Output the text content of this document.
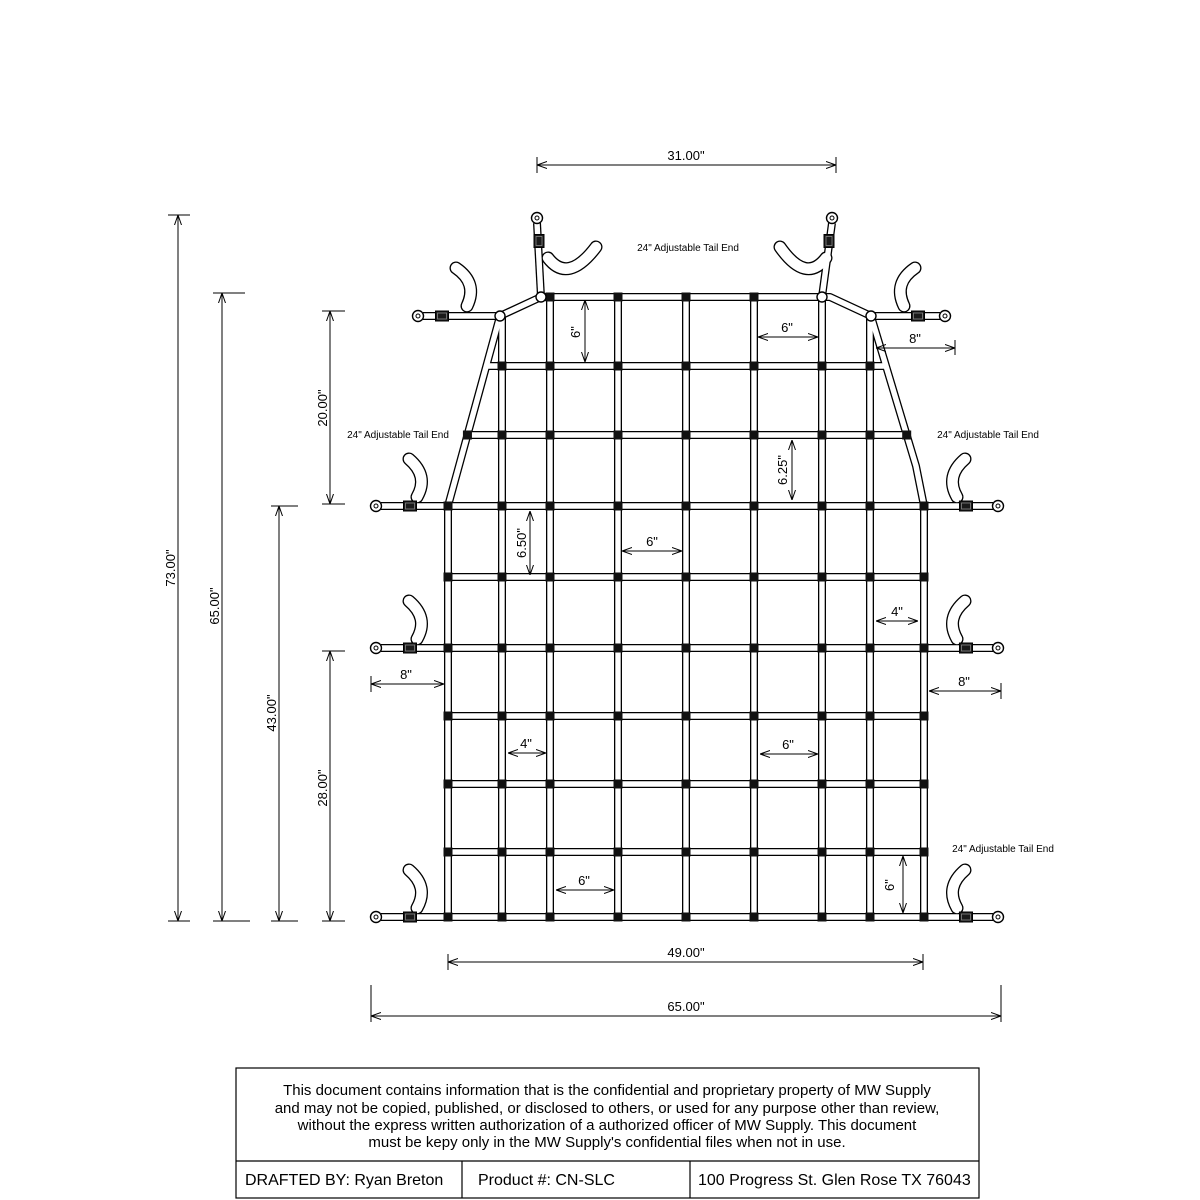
31.00"
73.00"
65.00"
43.00"
28.00"
20.00"
49.00"
65.00"
6"	6"
8"
6.25"
6.50"	6"
4"
8"	8"
4"	6"
6"	6"
24" Adjustable Tail End
24" Adjustable Tail End	24" Adjustable Tail End
24" Adjustable Tail End
This document contains information that is the confidential and proprietary property of MW Supply
and may not be copied, published, or disclosed to others, or used for any purpose other than review,
without the express written authorization of a authorized officer of MW Supply. This document
must be kepy only in the MW Supply's confidential files when not in use.
DRAFTED BY: Ryan Breton Product #: CN-SLC	100 Progress St. Glen Rose TX 76043
